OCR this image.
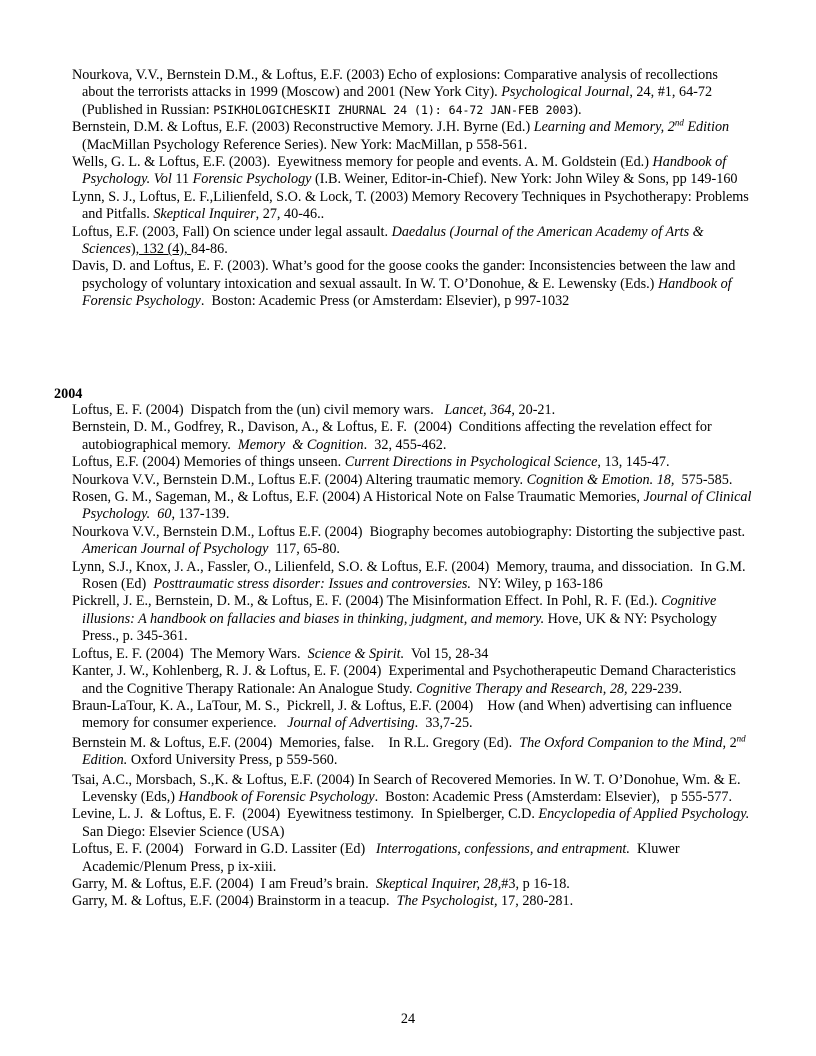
Nourkova, V.V., Bernstein D.M., & Loftus, E.F. (2003) Echo of explosions: Comparative analysis of recollections about the terrorists attacks in 1999 (Moscow) and 2001 (New York City). Psychological Journal, 24, #1, 64-72 (Published in Russian: PSIKHOLOGICHESKII ZHURNAL 24 (1): 64-72 JAN-FEB 2003).

Bernstein, D.M. & Loftus, E.F. (2003) Reconstructive Memory. J.H. Byrne (Ed.) Learning and Memory, 2nd Edition (MacMillan Psychology Reference Series). New York: MacMillan, p 558-561.

Wells, G. L. & Loftus, E.F. (2003).  Eyewitness memory for people and events. A. M. Goldstein (Ed.) Handbook of Psychology. Vol 11 Forensic Psychology (I.B. Weiner, Editor-in-Chief). New York: John Wiley & Sons, pp 149-160

Lynn, S. J., Loftus, E. F.,Lilienfeld, S.O. & Lock, T. (2003) Memory Recovery Techniques in Psychotherapy: Problems and Pitfalls. Skeptical Inquirer, 27, 40-46..

Loftus, E.F. (2003, Fall) On science under legal assault. Daedalus (Journal of the American Academy of Arts & Sciences), 132 (4), 84-86.

Davis, D. and Loftus, E. F. (2003). What’s good for the goose cooks the gander: Inconsistencies between the law and psychology of voluntary intoxication and sexual assault. In W. T. O’Donohue, & E. Lewensky (Eds.) Handbook of Forensic Psychology.  Boston: Academic Press (or Amsterdam: Elsevier), p 997-1032

2004

Loftus, E. F. (2004)  Dispatch from the (un) civil memory wars.   Lancet, 364, 20-21.

Bernstein, D. M., Godfrey, R., Davison, A., & Loftus, E. F.  (2004)  Conditions affecting the revelation effect for autobiographical memory.  Memory  & Cognition.  32, 455-462.

Loftus, E.F. (2004) Memories of things unseen. Current Directions in Psychological Science, 13, 145-47.

Nourkova V.V., Bernstein D.M., Loftus E.F. (2004) Altering traumatic memory. Cognition & Emotion. 18,  575-585.

Rosen, G. M., Sageman, M., & Loftus, E.F. (2004) A Historical Note on False Traumatic Memories, Journal of Clinical Psychology.  60, 137-139.

Nourkova V.V., Bernstein D.M., Loftus E.F. (2004)  Biography becomes autobiography: Distorting the subjective past. American Journal of Psychology  117, 65-80.

Lynn, S.J., Knox, J. A., Fassler, O., Lilienfeld, S.O. & Loftus, E.F. (2004)  Memory, trauma, and dissociation.  In G.M. Rosen (Ed)  Posttraumatic stress disorder: Issues and controversies.  NY: Wiley, p 163-186

Pickrell, J. E., Bernstein, D. M., & Loftus, E. F. (2004) The Misinformation Effect. In Pohl, R. F. (Ed.). Cognitive illusions: A handbook on fallacies and biases in thinking, judgment, and memory. Hove, UK & NY: Psychology Press., p. 345-361.

Loftus, E. F. (2004)  The Memory Wars.  Science & Spirit.  Vol 15, 28-34

Kanter, J. W., Kohlenberg, R. J. & Loftus, E. F. (2004)  Experimental and Psychotherapeutic Demand Characteristics and the Cognitive Therapy Rationale: An Analogue Study. Cognitive Therapy and Research, 28, 229-239.

Braun-LaTour, K. A., LaTour, M. S.,  Pickrell, J. & Loftus, E.F. (2004)    How (and When) advertising can influence memory for consumer experience.   Journal of Advertising.  33,7-25.

Bernstein M. & Loftus, E.F. (2004)  Memories, false.    In R.L. Gregory (Ed).  The Oxford Companion to the Mind, 2nd Edition. Oxford University Press, p 559-560.

Tsai, A.C., Morsbach, S.,K. & Loftus, E.F. (2004) In Search of Recovered Memories. In W. T. O’Donohue, Wm. & E. Levensky (Eds,) Handbook of Forensic Psychology.  Boston: Academic Press (Amsterdam: Elsevier),   p 555-577.

Levine, L. J.  & Loftus, E. F.  (2004)  Eyewitness testimony.  In Spielberger, C.D. Encyclopedia of Applied Psychology.  San Diego: Elsevier Science (USA)

Loftus, E. F. (2004)   Forward in G.D. Lassiter (Ed)   Interrogations, confessions, and entrapment.  Kluwer Academic/Plenum Press, p ix-xiii.

Garry, M. & Loftus, E.F. (2004)  I am Freud’s brain.  Skeptical Inquirer, 28,#3, p 16-18.

Garry, M. & Loftus, E.F. (2004) Brainstorm in a teacup.  The Psychologist, 17, 280-281.

24
